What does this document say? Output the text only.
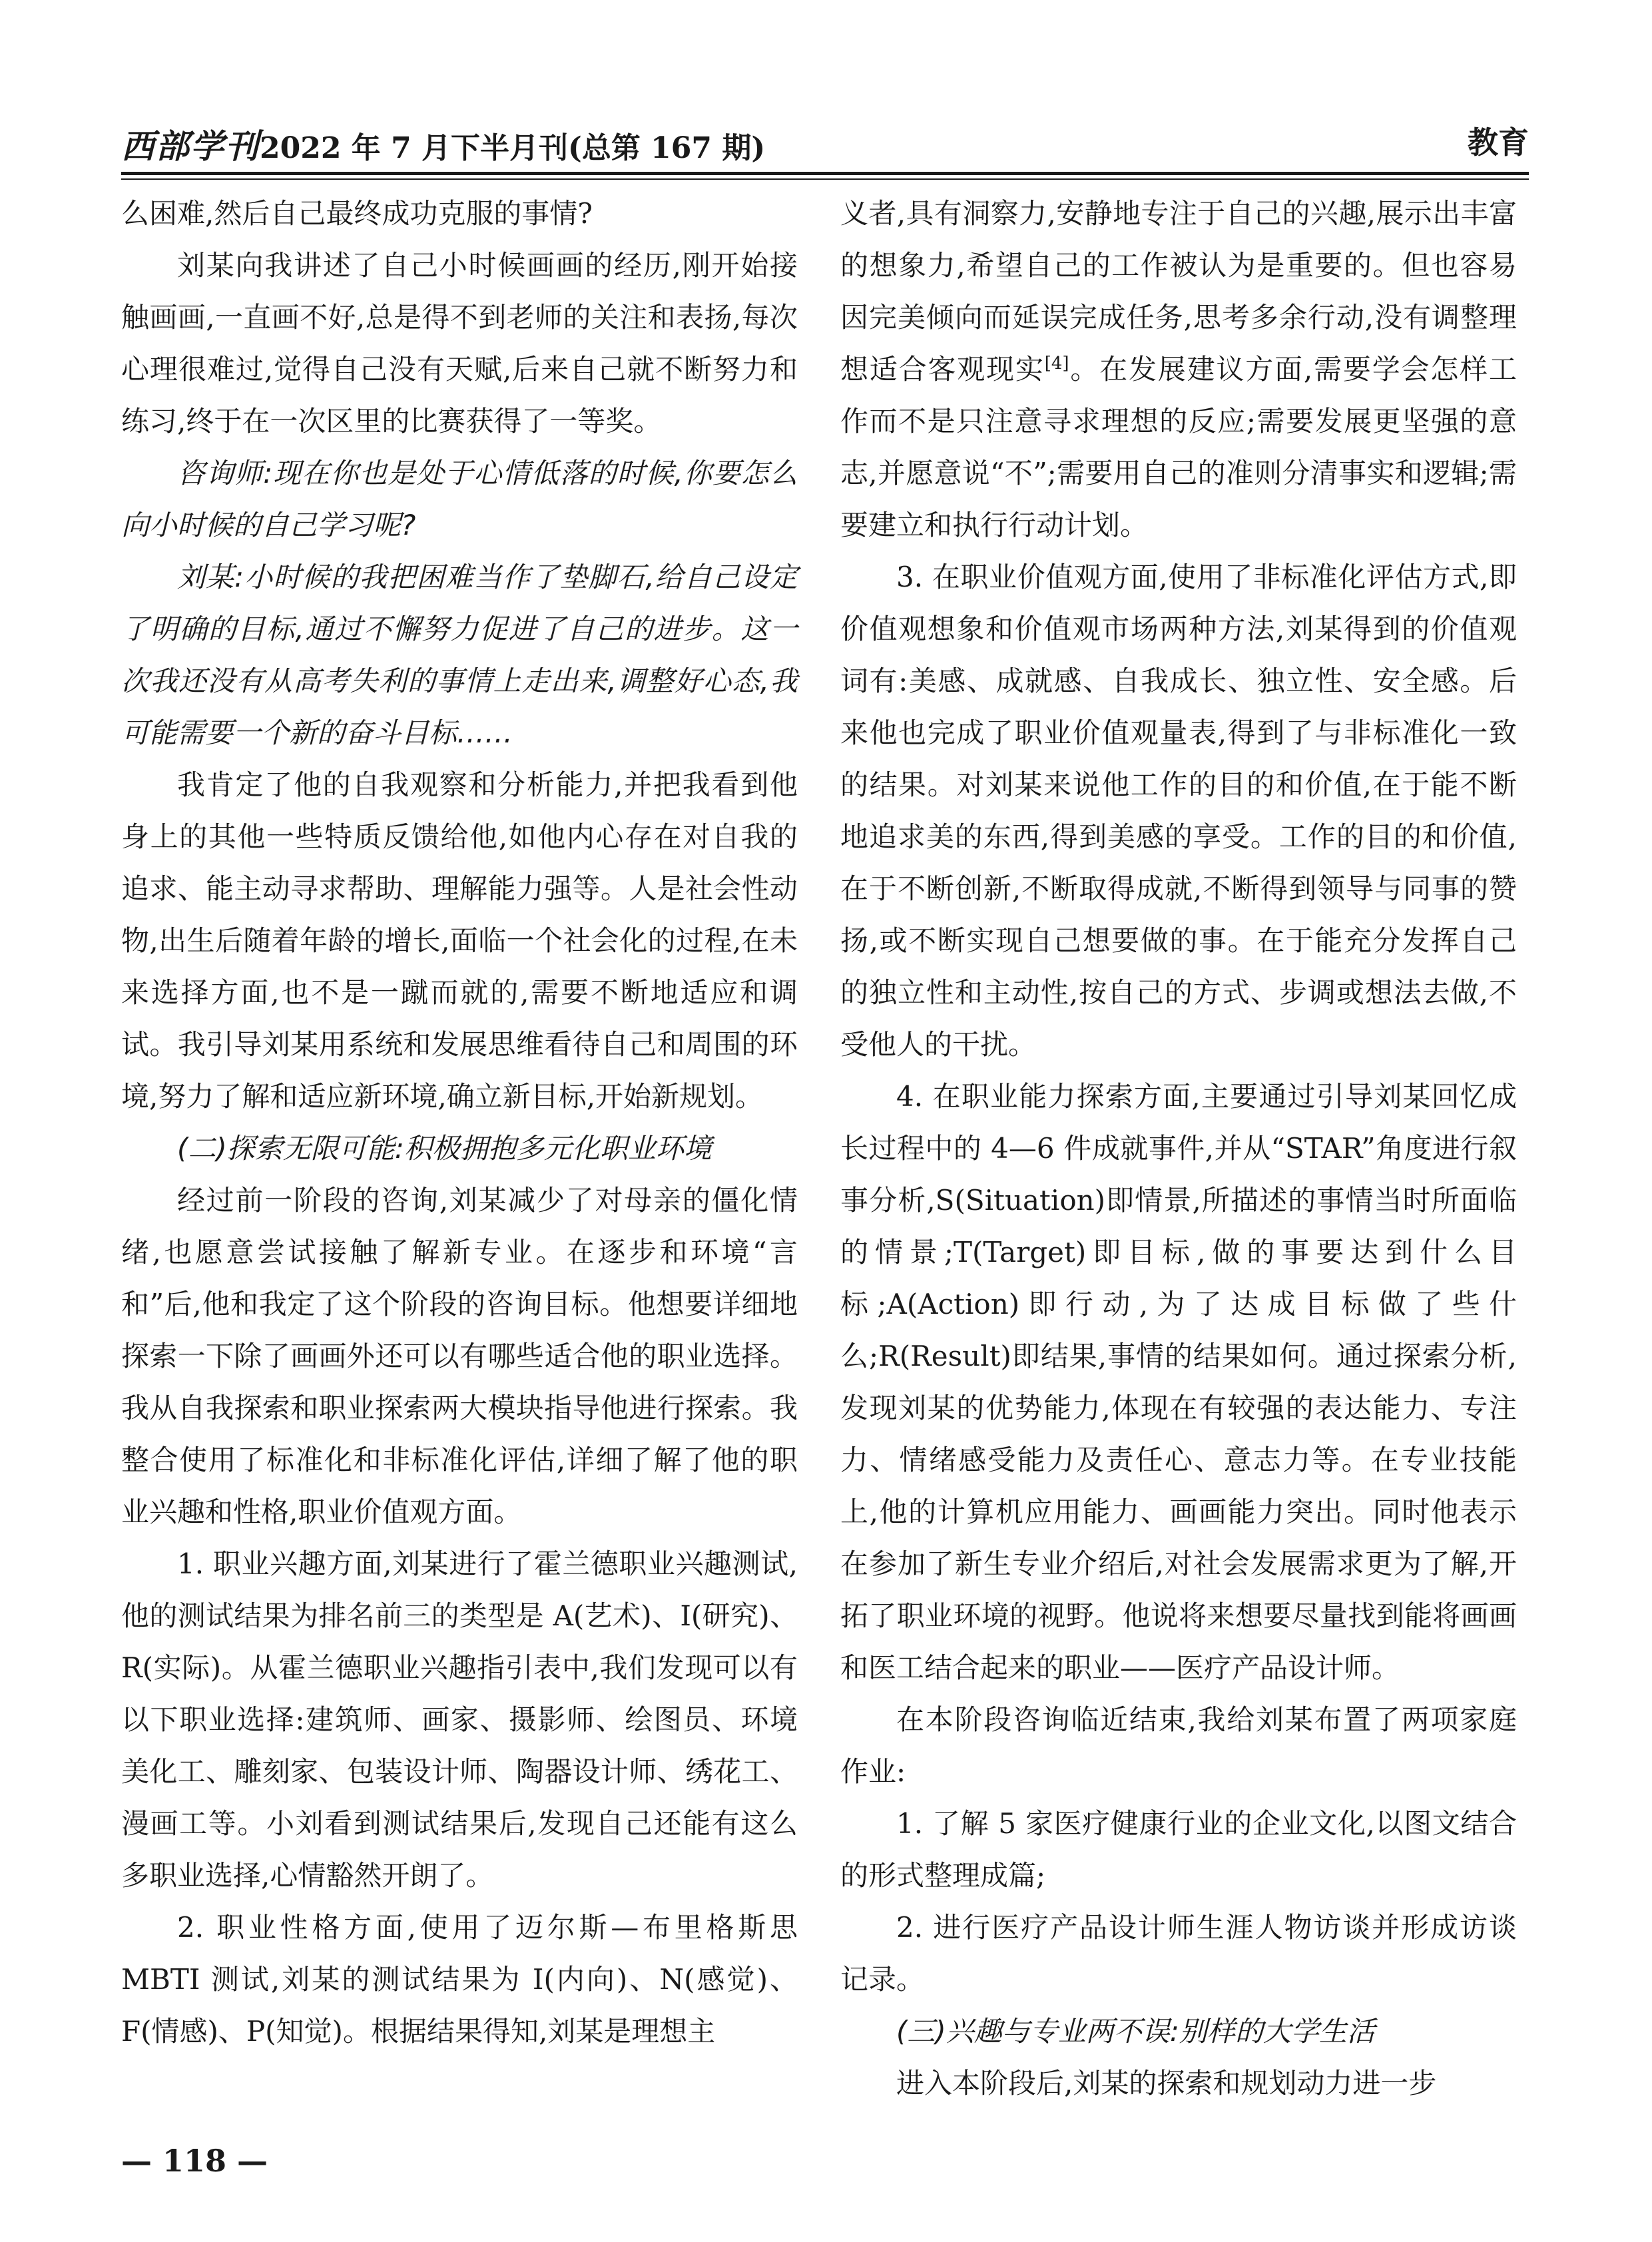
西部学刊2022 年 7 月下半月刊(总第 167 期)	教育

么困难,然后自己最终成功克服的事情?

刘某向我讲述了自己小时候画画的经历,刚开始接触画画,一直画不好,总是得不到老师的关注和表扬,每次心理很难过,觉得自己没有天赋,后来自己就不断努力和练习,终于在一次区里的比赛获得了一等奖。

咨询师:现在你也是处于心情低落的时候,你要怎么向小时候的自己学习呢?

刘某:小时候的我把困难当作了垫脚石,给自己设定了明确的目标,通过不懈努力促进了自己的进步。这一次我还没有从高考失利的事情上走出来,调整好心态,我可能需要一个新的奋斗目标……

我肯定了他的自我观察和分析能力,并把我看到他身上的其他一些特质反馈给他,如他内心存在对自我的追求、能主动寻求帮助、理解能力强等。人是社会性动物,出生后随着年龄的增长,面临一个社会化的过程,在未来选择方面,也不是一蹴而就的,需要不断地适应和调试。我引导刘某用系统和发展思维看待自己和周围的环境,努力了解和适应新环境,确立新目标,开始新规划。

(二)探索无限可能:积极拥抱多元化职业环境

经过前一阶段的咨询,刘某减少了对母亲的僵化情绪,也愿意尝试接触了解新专业。在逐步和环境“言和”后,他和我定了这个阶段的咨询目标。他想要详细地探索一下除了画画外还可以有哪些适合他的职业选择。我从自我探索和职业探索两大模块指导他进行探索。我整合使用了标准化和非标准化评估,详细了解了他的职业兴趣和性格,职业价值观方面。

1. 职业兴趣方面,刘某进行了霍兰德职业兴趣测试,他的测试结果为排名前三的类型是 A(艺术)、I(研究)、R(实际)。从霍兰德职业兴趣指引表中,我们发现可以有以下职业选择:建筑师、画家、摄影师、绘图员、环境美化工、雕刻家、包装设计师、陶器设计师、绣花工、漫画工等。小刘看到测试结果后,发现自己还能有这么多职业选择,心情豁然开朗了。

2. 职业性格方面,使用了迈尔斯—布里格斯思 MBTI 测试,刘某的测试结果为 I(内向)、N(感觉)、F(情感)、P(知觉)。根据结果得知,刘某是理想主

义者,具有洞察力,安静地专注于自己的兴趣,展示出丰富的想象力,希望自己的工作被认为是重要的。但也容易因完美倾向而延误完成任务,思考多余行动,没有调整理想适合客观现实[4]。在发展建议方面,需要学会怎样工作而不是只注意寻求理想的反应;需要发展更坚强的意志,并愿意说“不”;需要用自己的准则分清事实和逻辑;需要建立和执行行动计划。

3. 在职业价值观方面,使用了非标准化评估方式,即价值观想象和价值观市场两种方法,刘某得到的价值观词有:美感、成就感、自我成长、独立性、安全感。后来他也完成了职业价值观量表,得到了与非标准化一致的结果。对刘某来说他工作的目的和价值,在于能不断地追求美的东西,得到美感的享受。工作的目的和价值,在于不断创新,不断取得成就,不断得到领导与同事的赞扬,或不断实现自己想要做的事。在于能充分发挥自己的独立性和主动性,按自己的方式、步调或想法去做,不受他人的干扰。

4. 在职业能力探索方面,主要通过引导刘某回忆成长过程中的 4—6 件成就事件,并从“STAR”角度进行叙事分析,S(Situation)即情景,所描述的事情当时所面临的情景;T(Target)即目标,做的事要达到什么目标;A(Action)即行动,为了达成目标做了些什么;R(Result)即结果,事情的结果如何。通过探索分析,发现刘某的优势能力,体现在有较强的表达能力、专注力、情绪感受能力及责任心、意志力等。在专业技能上,他的计算机应用能力、画画能力突出。同时他表示在参加了新生专业介绍后,对社会发展需求更为了解,开拓了职业环境的视野。他说将来想要尽量找到能将画画和医工结合起来的职业——医疗产品设计师。

在本阶段咨询临近结束,我给刘某布置了两项家庭作业:

1. 了解 5 家医疗健康行业的企业文化,以图文结合的形式整理成篇;

2. 进行医疗产品设计师生涯人物访谈并形成访谈记录。

(三)兴趣与专业两不误:别样的大学生活

进入本阶段后,刘某的探索和规划动力进一步

— 118 —
